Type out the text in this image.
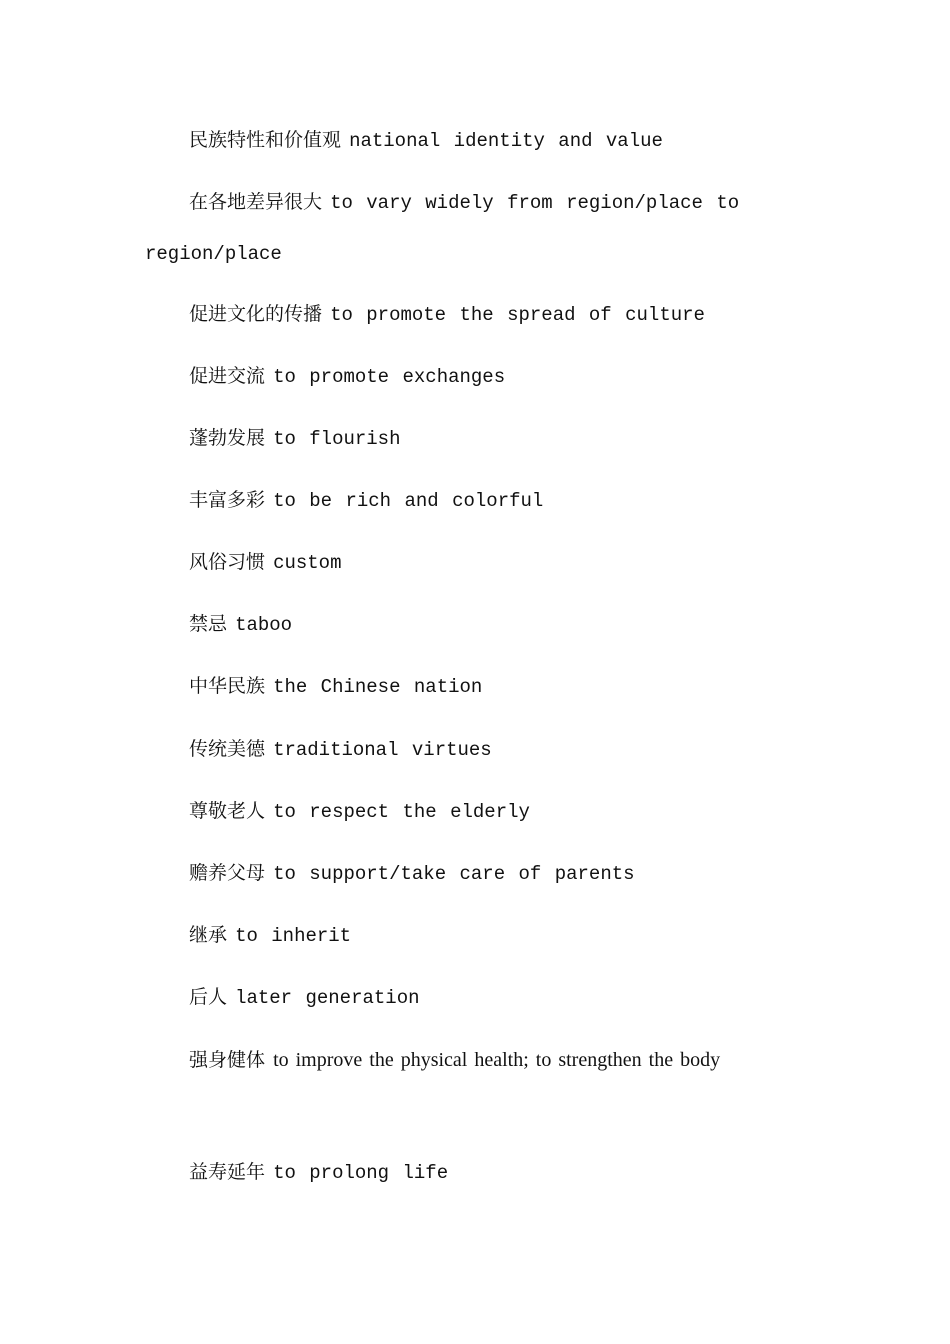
民族特性和价值观 national identity and value

在各地差异很大 to vary widely from region/place to region/place

促进文化的传播 to promote the spread of culture

促进交流 to promote exchanges

蓬勃发展 to flourish

丰富多彩 to be rich and colorful

风俗习惯 custom

禁忌 taboo

中华民族 the Chinese nation

传统美德 traditional virtues

尊敬老人 to respect the elderly

赡养父母 to support/take care of parents

继承 to inherit

后人 later generation

强身健体 to improve the physical health; to strengthen the body

益寿延年 to prolong life
